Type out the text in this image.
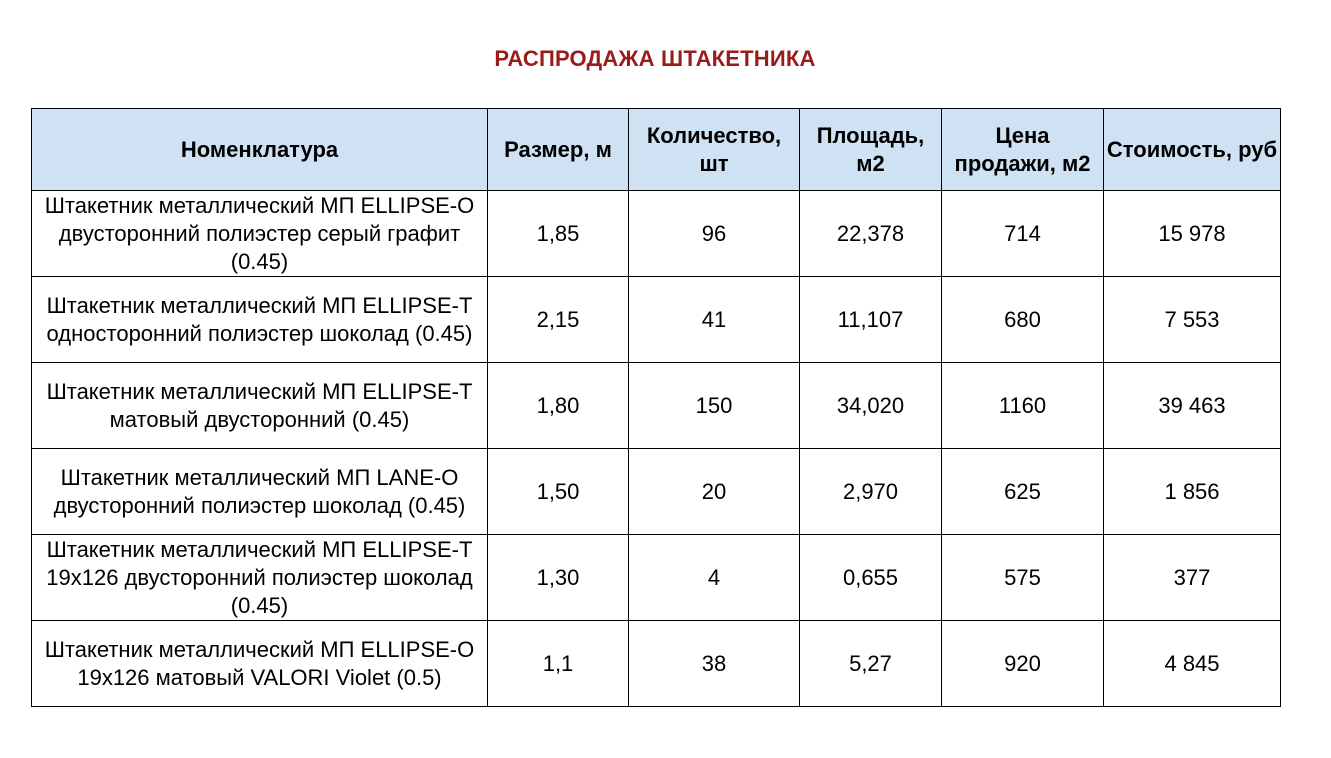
РАСПРОДАЖА ШТАКЕТНИКА
Номенклатура	Размер, м	Количество, шт	Площадь, м2	Цена продажи, м2	Стоимость, руб
Штакетник металлический МП ELLIPSE-O двусторонний полиэстер серый графит (0.45)	1,85	96	22,378	714	15 978
Штакетник металлический МП ELLIPSE-T односторонний полиэстер шоколад (0.45)	2,15	41	11,107	680	7 553
Штакетник металлический МП ELLIPSE-T матовый двусторонний (0.45)	1,80	150	34,020	1160	39 463
Штакетник металлический МП LANE-O двусторонний полиэстер шоколад (0.45)	1,50	20	2,970	625	1 856
Штакетник металлический МП ELLIPSE-T 19x126 двусторонний полиэстер шоколад (0.45)	1,30	4	0,655	575	377
Штакетник металлический МП ELLIPSE-O 19x126 матовый VALORI Violet (0.5)	1,1	38	5,27	920	4 845
